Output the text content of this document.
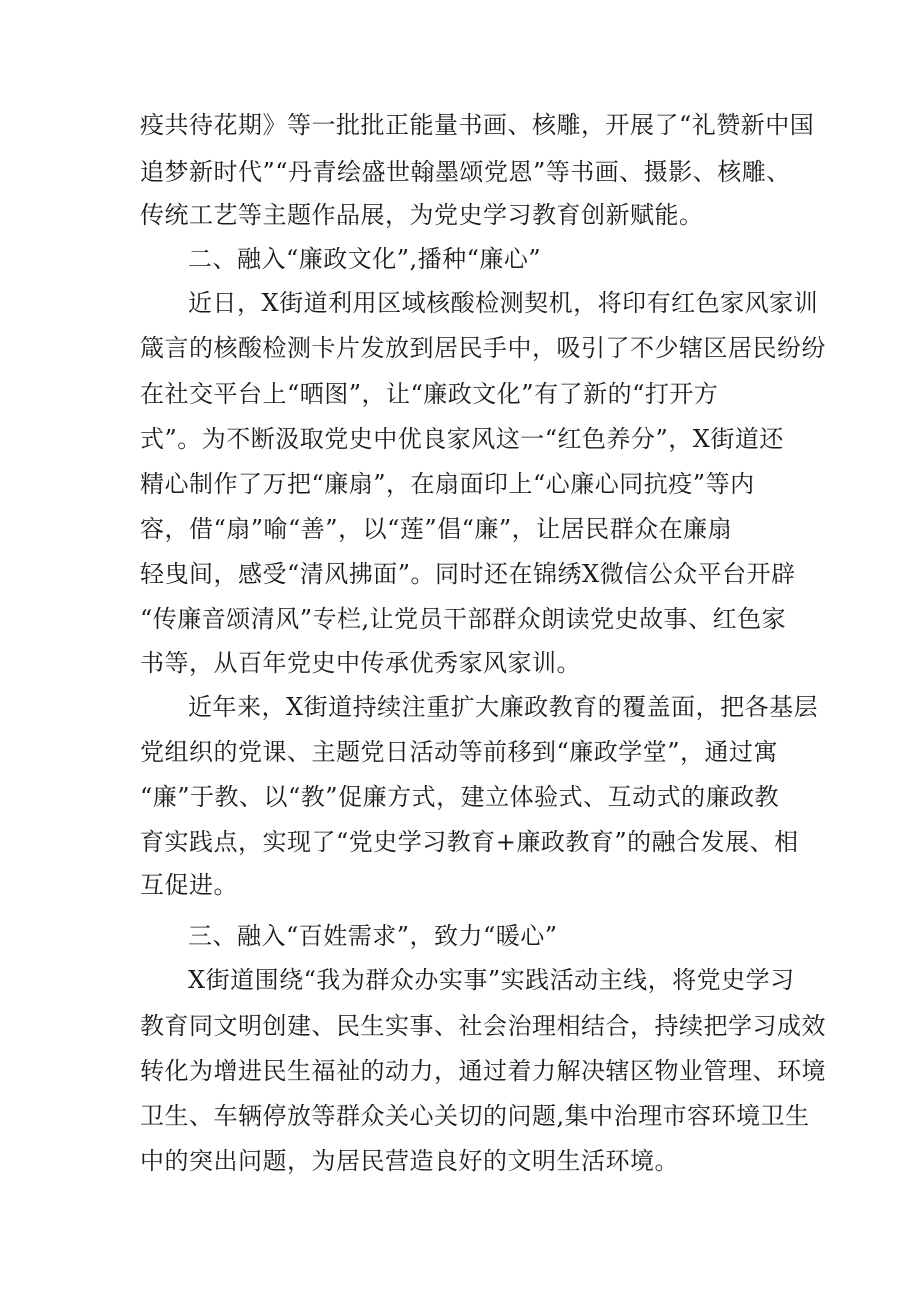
疫共待花期》等一批批正能量书画、核雕，开展了“礼赞新中国
追梦新时代”“丹青绘盛世翰墨颂党恩”等书画、摄影、核雕、
传统工艺等主题作品展，为党史学习教育创新赋能。
二、融入“廉政文化”,播种“廉心”
近日，X街道利用区域核酸检测契机，将印有红色家风家训
箴言的核酸检测卡片发放到居民手中，吸引了不少辖区居民纷纷
在社交平台上“晒图”，让“廉政文化”有了新的“打开方
式”。为不断汲取党史中优良家风这一“红色养分”，X街道还
精心制作了万把“廉扇”，在扇面印上“心廉心同抗疫”等内
容，借“扇”喻“善”，以“莲”倡“廉”，让居民群众在廉扇
轻曳间，感受“清风拂面”。同时还在锦绣X微信公众平台开辟
“传廉音颂清风”专栏,让党员干部群众朗读党史故事、红色家
书等，从百年党史中传承优秀家风家训。
近年来，X街道持续注重扩大廉政教育的覆盖面，把各基层
党组织的党课、主题党日活动等前移到“廉政学堂”，通过寓
“廉”于教、以“教”促廉方式，建立体验式、互动式的廉政教
育实践点，实现了“党史学习教育+廉政教育”的融合发展、相
互促进。
三、融入“百姓需求”，致力“暖心”
X街道围绕“我为群众办实事”实践活动主线，将党史学习
教育同文明创建、民生实事、社会治理相结合，持续把学习成效
转化为增进民生福祉的动力，通过着力解决辖区物业管理、环境
卫生、车辆停放等群众关心关切的问题,集中治理市容环境卫生
中的突出问题，为居民营造良好的文明生活环境。
